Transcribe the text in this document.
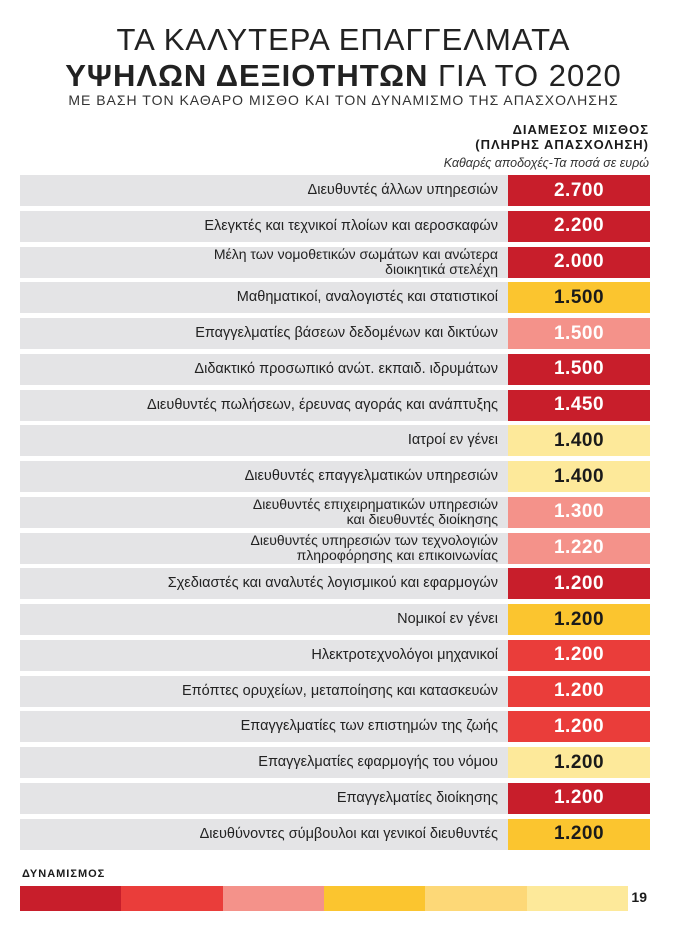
ΤΑ ΚΑΛΥΤΕΡΑ ΕΠΑΓΓΕΛΜΑΤΑ
ΥΨΗΛΩΝ ΔΕΞΙΟΤΗΤΩΝ ΓΙΑ ΤΟ 2020
ΜΕ ΒΑΣΗ ΤΟΝ ΚΑΘΑΡΟ ΜΙΣΘΟ ΚΑΙ ΤΟΝ ΔΥΝΑΜΙΣΜΟ ΤΗΣ ΑΠΑΣΧΟΛΗΣΗΣ
ΔΙΑΜΕΣΟΣ ΜΙΣΘΟΣ
(ΠΛΗΡΗΣ ΑΠΑΣΧΟΛΗΣΗ)
Καθαρές αποδοχές-Τα ποσά σε ευρώ
Διευθυντές άλλων υπηρεσιών	2.700
Ελεγκτές και τεχνικοί πλοίων και αεροσκαφών	2.200
Μέλη των νομοθετικών σωμάτων και ανώτερα
διοικητικά στελέχη	2.000
Μαθηματικοί, αναλογιστές και στατιστικοί	1.500
Επαγγελματίες βάσεων δεδομένων και δικτύων	1.500
Διδακτικό προσωπικό ανώτ. εκπαιδ. ιδρυμάτων	1.500
Διευθυντές πωλήσεων, έρευνας αγοράς και ανάπτυξης	1.450
Ιατροί εν γένει	1.400
Διευθυντές επαγγελματικών υπηρεσιών	1.400
Διευθυντές επιχειρηματικών υπηρεσιών
και διευθυντές διοίκησης	1.300
Διευθυντές υπηρεσιών των τεχνολογιών
πληροφόρησης και επικοινωνίας	1.220
Σχεδιαστές και αναλυτές λογισμικού και εφαρμογών	1.200
Νομικοί εν γένει	1.200
Ηλεκτροτεχνολόγοι μηχανικοί	1.200
Επόπτες ορυχείων, μεταποίησης και κατασκευών	1.200
Επαγγελματίες των επιστημών της ζωής	1.200
Επαγγελματίες εφαρμογής του νόμου	1.200
Επαγγελματίες διοίκησης	1.200
Διευθύνοντες σύμβουλοι και γενικοί διευθυντές	1.200
ΔΥΝΑΜΙΣΜΟΣ
19
